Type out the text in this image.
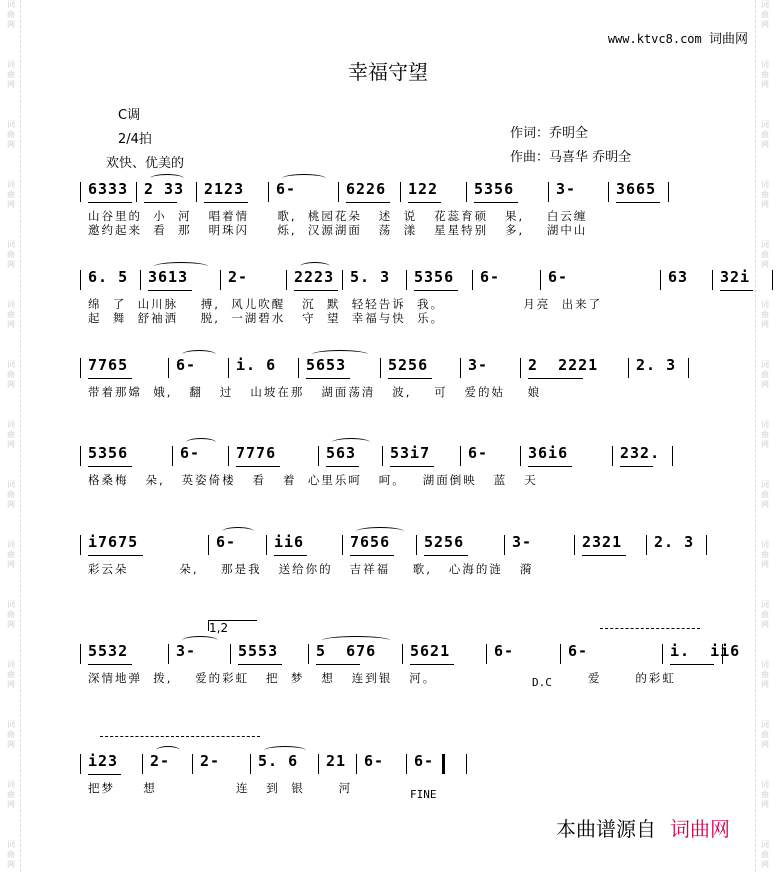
词
曲
网
词
曲
网
词
曲
网
词
曲
网
词
曲
网
词
曲
网
词
曲
网
词
曲
网
词
曲
网
词
曲
网
词
曲
网
词
曲
网
词
曲
网
词
曲
网
词
曲
网
词
曲
网
词
曲
网
词
曲
网
词
曲
网
词
曲
网
词
曲
网
词
曲
网
词
曲
网
词
曲
网
词
曲
网
词
曲
网
词
曲
网
词
曲
网
词
曲
网
词
曲
网
www.ktvc8.com 词曲网
幸福守望
C调
2/4拍
欢快、优美的
作词：乔明全
作曲：马喜华 乔明全
6333 2 33 2123 6-	6226 122 5356	3-	3665
山谷里的  小  河   唱着情     歌,  桃园花朵   述  说   花蕊育硕   果,    白云缠
邀约起来  看  那   明珠闪     烁,  汉源湖面   荡  漾   星星特别   多,    湖中山
6. 5 3613	2-	2223 5. 3 5356 6-	6-	63 32i
绵  了  山川脉    搏,  风儿吹醒   沉  默  轻轻告诉  我。              月亮  出来了
起  舞  舒袖洒    脱,  一湖碧水   守  望  幸福与快  乐。
7765	6-	i. 6 5653	5256	3-	2  2221	2. 3
带着那嫦  娥,   翻   过   山坡在那   湖面荡清   波,    可   爱的姑    娘
5356	6- 7776	563 53i7	6-	36i6	232.
格桑梅   朵,   英姿倚楼   看   着  心里乐呵   呵。   湖面倒映   蓝   天
i7675	6-	ii6	7656 5256	3-	2321 2. 3
彩云朵         朵,    那是我   送给你的   吉祥福    歌,   心海的涟   漪
5532	3-	5553	5  676 5621	6-	6-	i.  ii6
深情地弹  拨,    爱的彩虹   把  梦   想   连到银   河。
1,2
D.C	爱      的彩虹
i23 2- 2-	5. 6 21 6- 6-
把梦     想              连   到  银      河	FINE
本曲谱源自 词曲网
